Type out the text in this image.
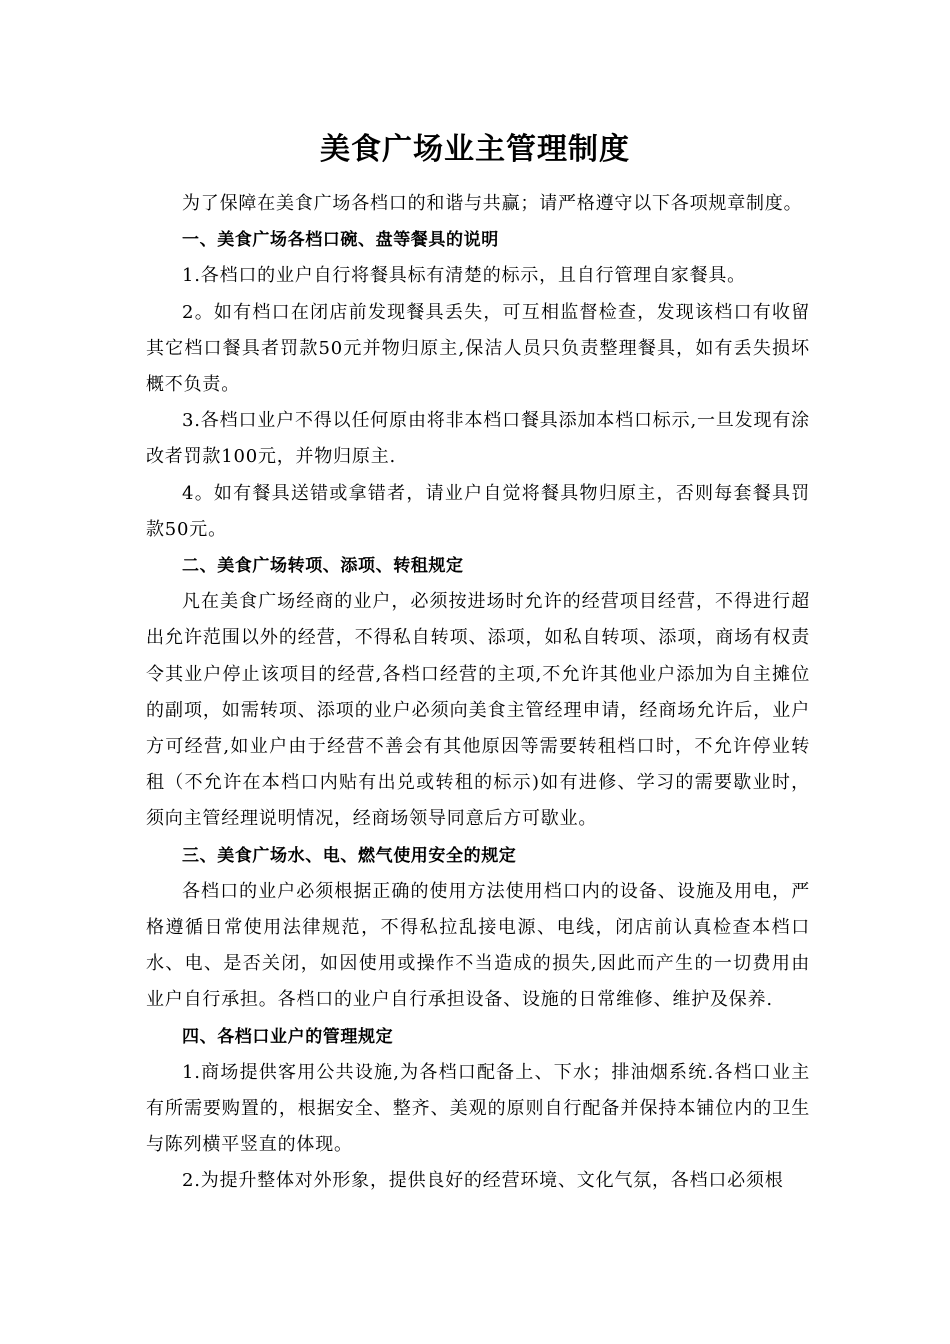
美食广场业主管理制度

为了保障在美食广场各档口的和谐与共赢；请严格遵守以下各项规章制度。

一、美食广场各档口碗、盘等餐具的说明

1.各档口的业户自行将餐具标有清楚的标示，且自行管理自家餐具。

2。如有档口在闭店前发现餐具丢失，可互相监督检查，发现该档口有收留其它档口餐具者罚款50元并物归原主,保洁人员只负责整理餐具，如有丢失损坏概不负责。

3.各档口业户不得以任何原由将非本档口餐具添加本档口标示,一旦发现有涂改者罚款100元，并物归原主.

4。如有餐具送错或拿错者，请业户自觉将餐具物归原主，否则每套餐具罚款50元。

二、美食广场转项、添项、转租规定

凡在美食广场经商的业户，必须按进场时允许的经营项目经营，不得进行超出允许范围以外的经营，不得私自转项、添项，如私自转项、添项，商场有权责令其业户停止该项目的经营,各档口经营的主项,不允许其他业户添加为自主摊位的副项，如需转项、添项的业户必须向美食主管经理申请，经商场允许后，业户方可经营,如业户由于经营不善会有其他原因等需要转租档口时，不允许停业转租（不允许在本档口内贴有出兑或转租的标示)如有进修、学习的需要歇业时，须向主管经理说明情况，经商场领导同意后方可歇业。

三、美食广场水、电、燃气使用安全的规定

各档口的业户必须根据正确的使用方法使用档口内的设备、设施及用电，严格遵循日常使用法律规范，不得私拉乱接电源、电线，闭店前认真检查本档口水、电、是否关闭，如因使用或操作不当造成的损失,因此而产生的一切费用由业户自行承担。各档口的业户自行承担设备、设施的日常维修、维护及保养.

四、各档口业户的管理规定

1.商场提供客用公共设施,为各档口配备上、下水；排油烟系统.各档口业主有所需要购置的，根据安全、整齐、美观的原则自行配备并保持本铺位内的卫生与陈列横平竖直的体现。

2.为提升整体对外形象，提供良好的经营环境、文化气氛，各档口必须根
